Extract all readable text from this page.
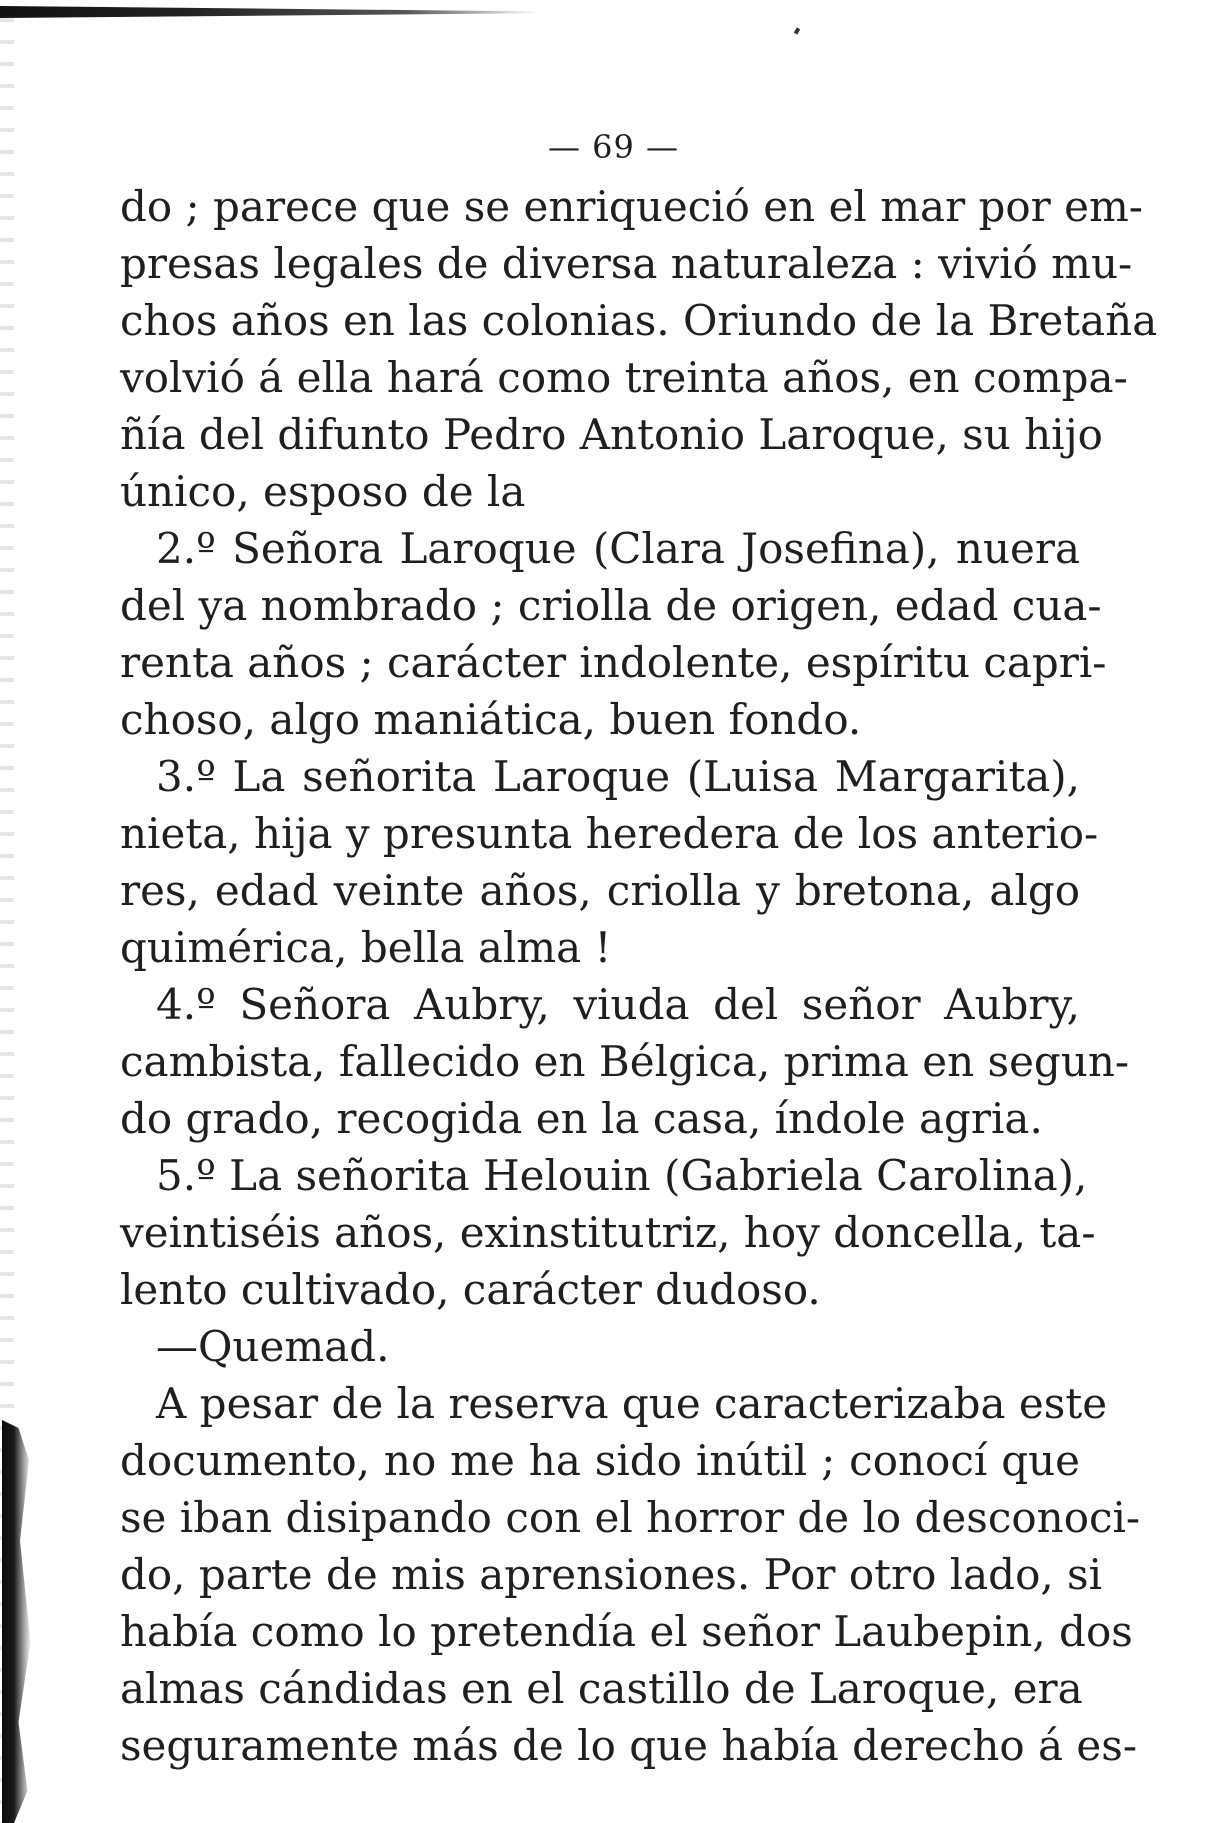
— 69 —
do ; parece que se enriqueció en el mar por em-
presas legales de diversa naturaleza : vivió mu-
chos años en las colonias. Oriundo de la Bretaña
volvió á ella hará como treinta años, en compa-
ñía del difunto Pedro Antonio Laroque, su hijo
único, esposo de la
2.º Señora Laroque (Clara Josefina), nuera
del ya nombrado ; criolla de origen, edad cua-
renta años ; carácter indolente, espíritu capri-
choso, algo maniática, buen fondo.
3.º La señorita Laroque (Luisa Margarita),
nieta, hija y presunta heredera de los anterio-
res, edad veinte años, criolla y bretona, algo
quimérica, bella alma !
4.º Señora Aubry, viuda del señor Aubry,
cambista, fallecido en Bélgica, prima en segun-
do grado, recogida en la casa, índole agria.
5.º La señorita Helouin (Gabriela Carolina),
veintiséis años, exinstitutriz, hoy doncella, ta-
lento cultivado, carácter dudoso.
—Quemad.
A pesar de la reserva que caracterizaba este
documento, no me ha sido inútil ; conocí que
se iban disipando con el horror de lo desconoci-
do, parte de mis aprensiones. Por otro lado, si
había como lo pretendía el señor Laubepin, dos
almas cándidas en el castillo de Laroque, era
seguramente más de lo que había derecho á es-
